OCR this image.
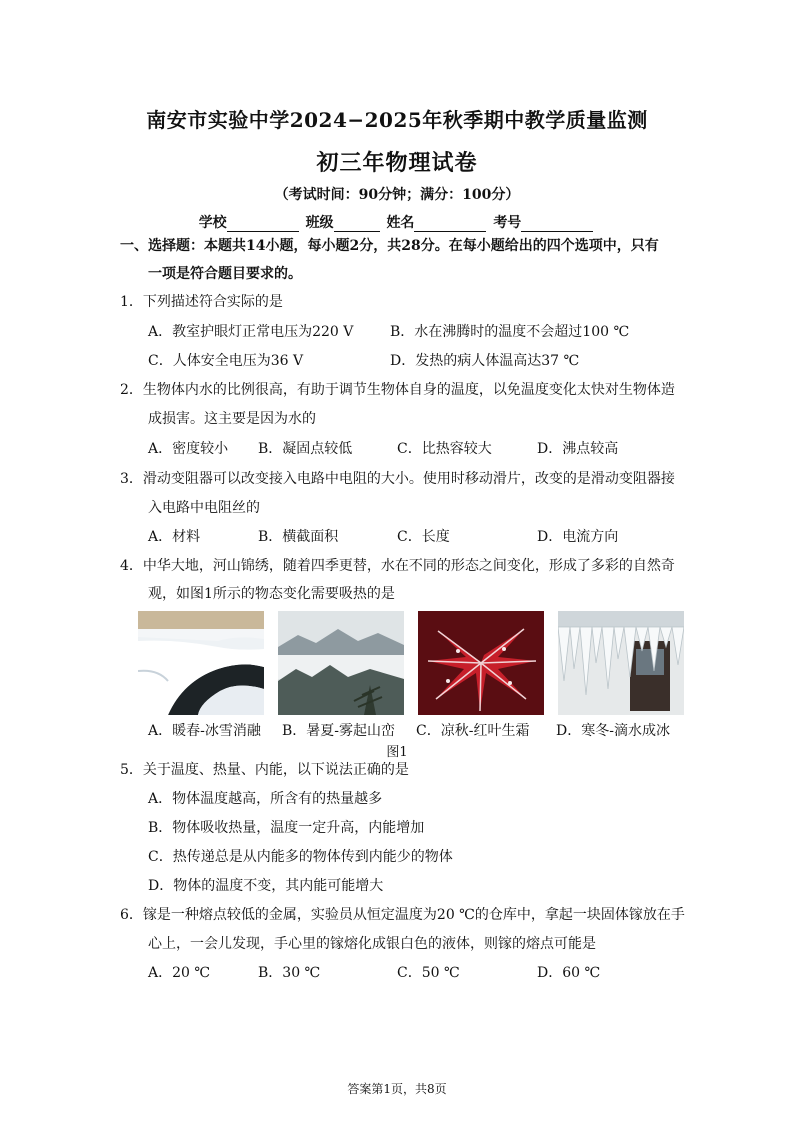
南安市实验中学2024−2025年秋季期中教学质量监测
初三年物理试卷
（考试时间：90分钟；满分：100分）
学校	班级	姓名	考号
一、选择题：本题共14小题，每小题2分，共28分。在每小题给出的四个选项中，只有
一项是符合题目要求的。
1．下列描述符合实际的是
A．教室护眼灯正常电压为220 V	B．水在沸腾时的温度不会超过100 ℃
C．人体安全电压为36 V	D．发热的病人体温高达37 ℃
2．生物体内水的比例很高，有助于调节生物体自身的温度，以免温度变化太快对生物体造
成损害。这主要是因为水的
A．密度较小 B．凝固点较低	C．比热容较大	D．沸点较高
3．滑动变阻器可以改变接入电路中电阻的大小。使用时移动滑片，改变的是滑动变阻器接
入电路中电阻丝的
A．材料	B．横截面积	C．长度	D．电流方向
4．中华大地，河山锦绣，随着四季更替，水在不同的形态之间变化，形成了多彩的自然奇
观，如图1所示的物态变化需要吸热的是
A．暖春-冰雪消融 B．暑夏-雾起山峦 C．凉秋-红叶生霜 D．寒冬-滴水成冰
图1
5．关于温度、热量、内能，以下说法正确的是
A．物体温度越高，所含有的热量越多
B．物体吸收热量，温度一定升高，内能增加
C．热传递总是从内能多的物体传到内能少的物体
D．物体的温度不变，其内能可能增大
6．镓是一种熔点较低的金属，实验员从恒定温度为20 ℃的仓库中，拿起一块固体镓放在手
心上，一会儿发现，手心里的镓熔化成银白色的液体，则镓的熔点可能是
A．20 ℃	B．30 ℃	C．50 ℃	D．60 ℃
答案第1页，共8页
